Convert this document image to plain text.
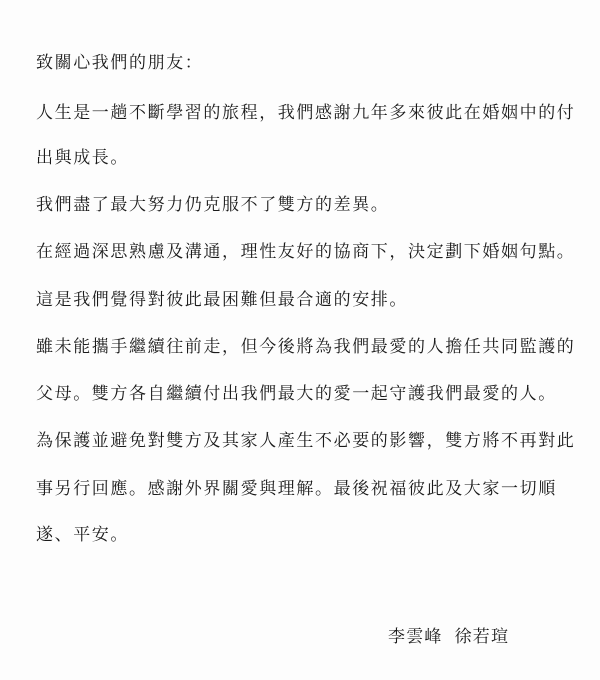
致關心我們的朋友：
人生是一趟不斷學習的旅程，我們感謝九年多來彼此在婚姻中的付
出與成長。
我們盡了最大努力仍克服不了雙方的差異。
在經過深思熟慮及溝通，理性友好的協商下，決定劃下婚姻句點。
這是我們覺得對彼此最困難但最合適的安排。
雖未能攜手繼續往前走，但今後將為我們最愛的人擔任共同監護的
父母。雙方各自繼續付出我們最大的愛一起守護我們最愛的人。
為保護並避免對雙方及其家人產生不必要的影響，雙方將不再對此
事另行回應。感謝外界關愛與理解。最後祝福彼此及大家一切順
遂、平安。
李雲峰 徐若瑄
